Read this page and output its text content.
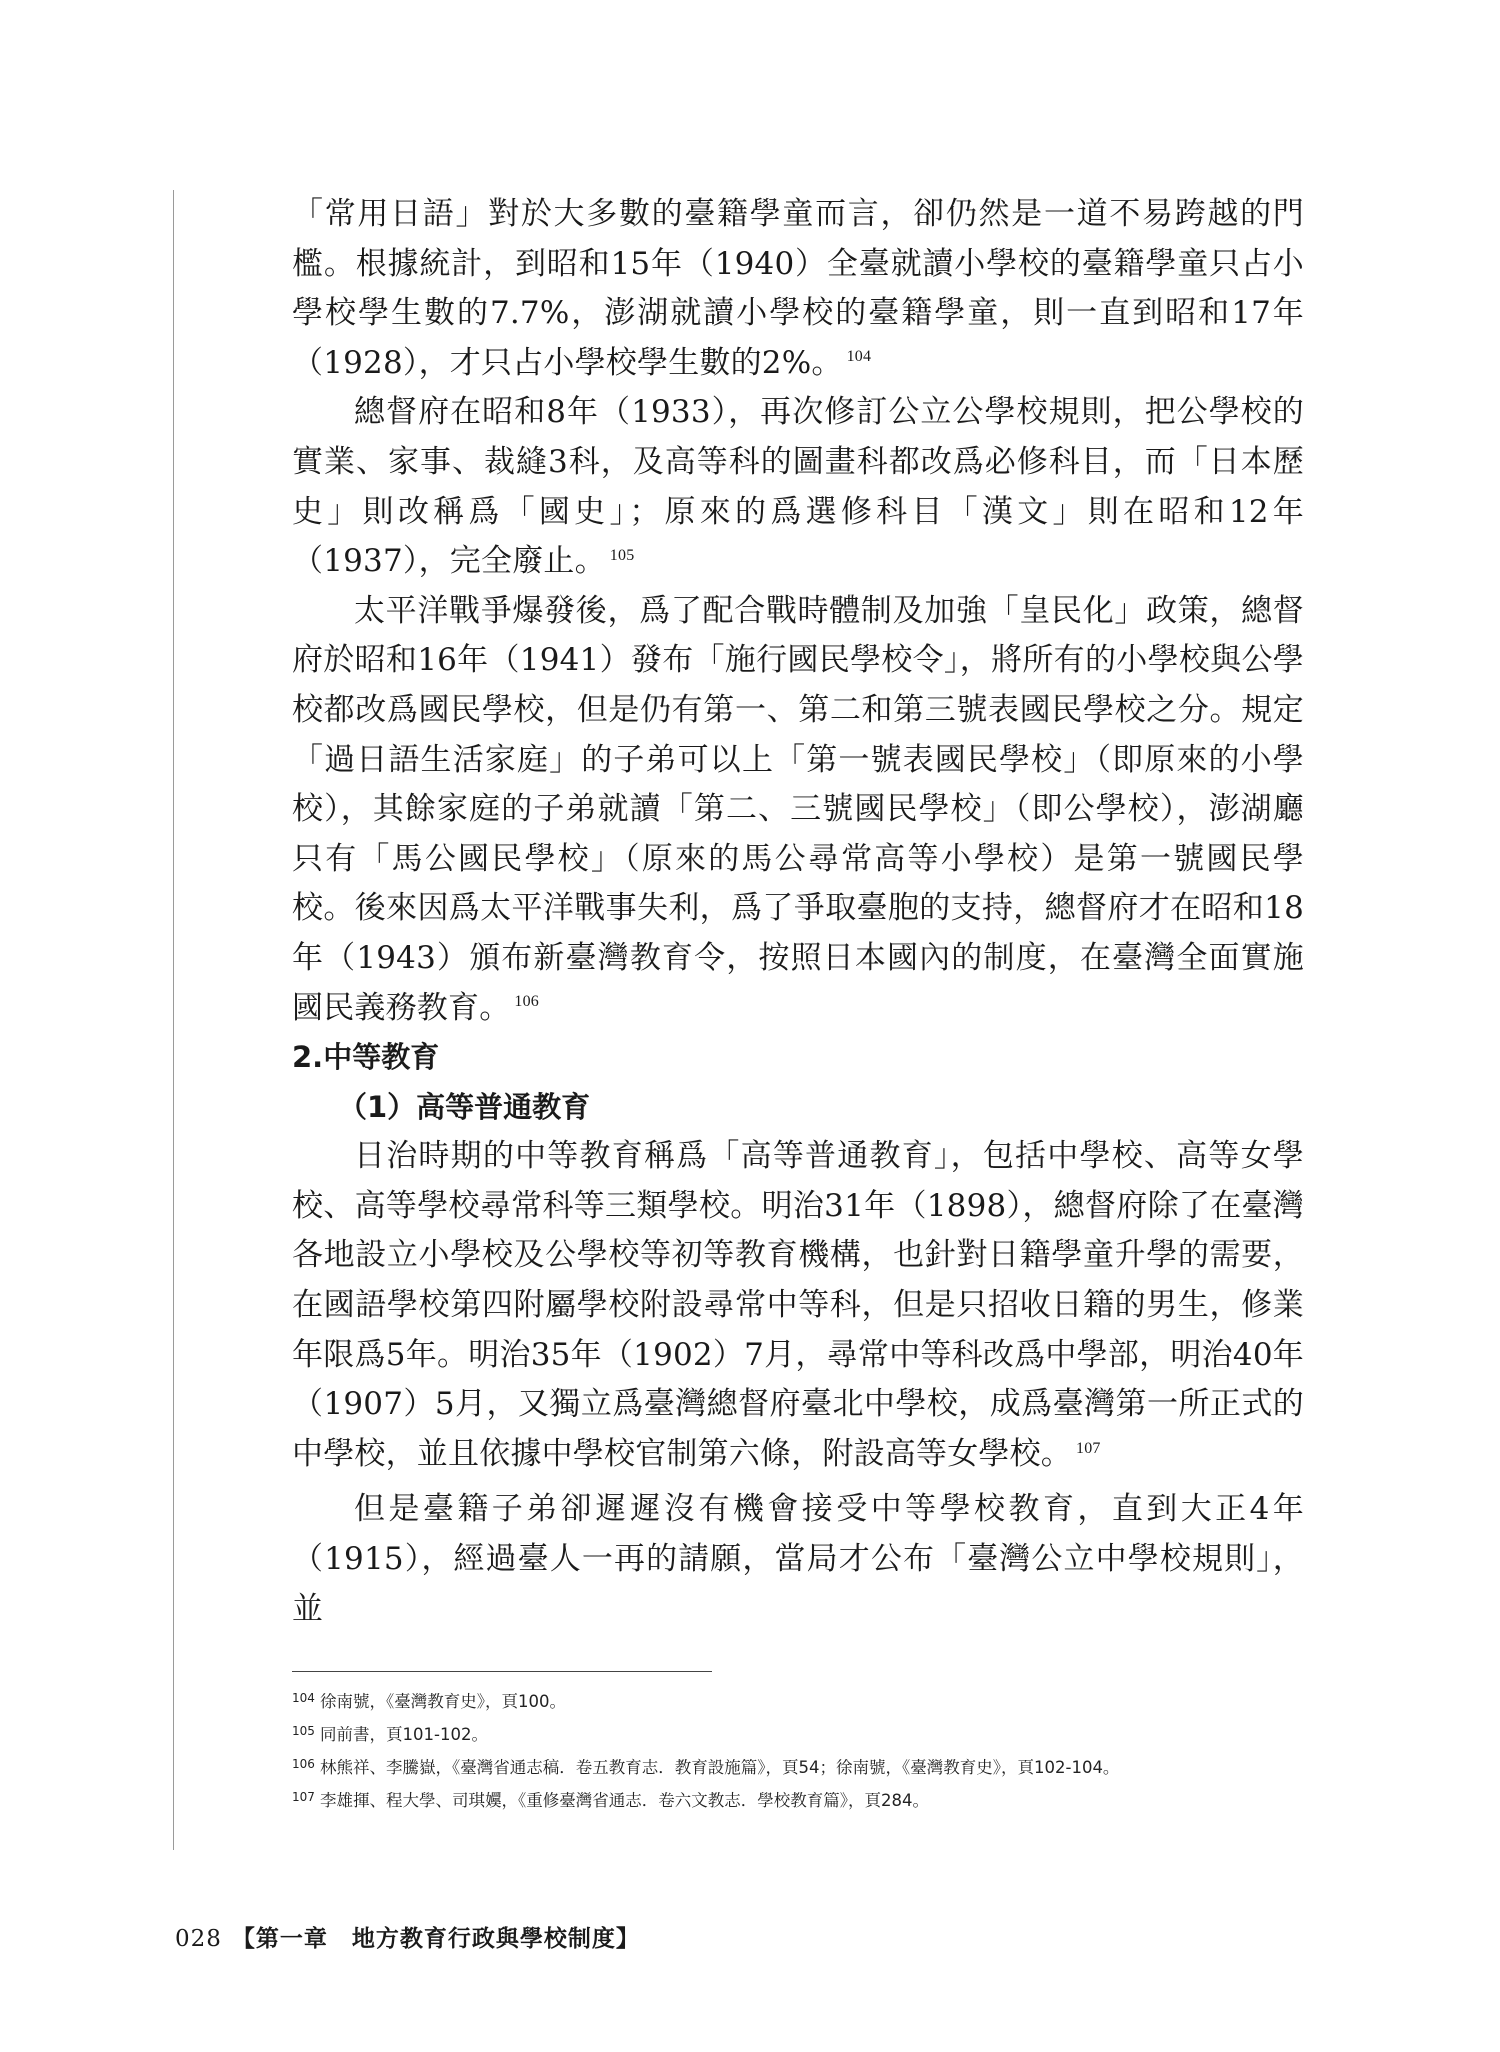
「常用日語」對於大多數的臺籍學童而言，卻仍然是一道不易跨越的門檻。根據統計，到昭和15年（1940）全臺就讀小學校的臺籍學童只占小學校學生數的7.7%，澎湖就讀小學校的臺籍學童，則一直到昭和17年（1928），才只占小學校學生數的2%。 $^{104}$

總督府在昭和8年（1933），再次修訂公立公學校規則，把公學校的實業、家事、裁縫3科，及高等科的圖畫科都改爲必修科目，而「日本歷史」則改稱爲「國史」；原來的爲選修科目「漢文」則在昭和12年（1937），完全廢止。 $^{105}$

太平洋戰爭爆發後，爲了配合戰時體制及加強「皇民化」政策，總督府於昭和16年（1941）發布「施行國民學校令」，將所有的小學校與公學校都改爲國民學校，但是仍有第一、第二和第三號表國民學校之分。規定「過日語生活家庭」的子弟可以上「第一號表國民學校」（即原來的小學校），其餘家庭的子弟就讀「第二、三號國民學校」（即公學校），澎湖廳只有「馬公國民學校」（原來的馬公尋常高等小學校）是第一號國民學校。後來因爲太平洋戰事失利，爲了爭取臺胞的支持，總督府才在昭和18年（1943）頒布新臺灣教育令，按照日本國內的制度，在臺灣全面實施國民義務教育。 $^{106}$

2.中等教育
（1）高等普通教育

日治時期的中等教育稱爲「高等普通教育」，包括中學校、高等女學校、高等學校尋常科等三類學校。明治31年（1898），總督府除了在臺灣各地設立小學校及公學校等初等教育機構，也針對日籍學童升學的需要，在國語學校第四附屬學校附設尋常中等科，但是只招收日籍的男生，修業年限爲5年。明治35年（1902）7月，尋常中等科改爲中學部，明治40年（1907）5月，又獨立爲臺灣總督府臺北中學校，成爲臺灣第一所正式的中學校，並且依據中學校官制第六條，附設高等女學校。 $^{107}$

但是臺籍子弟卻遲遲沒有機會接受中等學校教育，直到大正4年（1915），經過臺人一再的請願，當局才公布「臺灣公立中學校規則」，並

104 徐南號，《臺灣教育史》，頁100。

105 同前書，頁101-102。

106 林熊祥、李騰嶽，《臺灣省通志稿．卷五教育志．教育設施篇》，頁54；徐南號，《臺灣教育史》，頁102-104。

107 李雄揮、程大學、司琪嬽，《重修臺灣省通志．卷六文教志．學校教育篇》，頁284。

028 【第一章　地方教育行政與學校制度】
